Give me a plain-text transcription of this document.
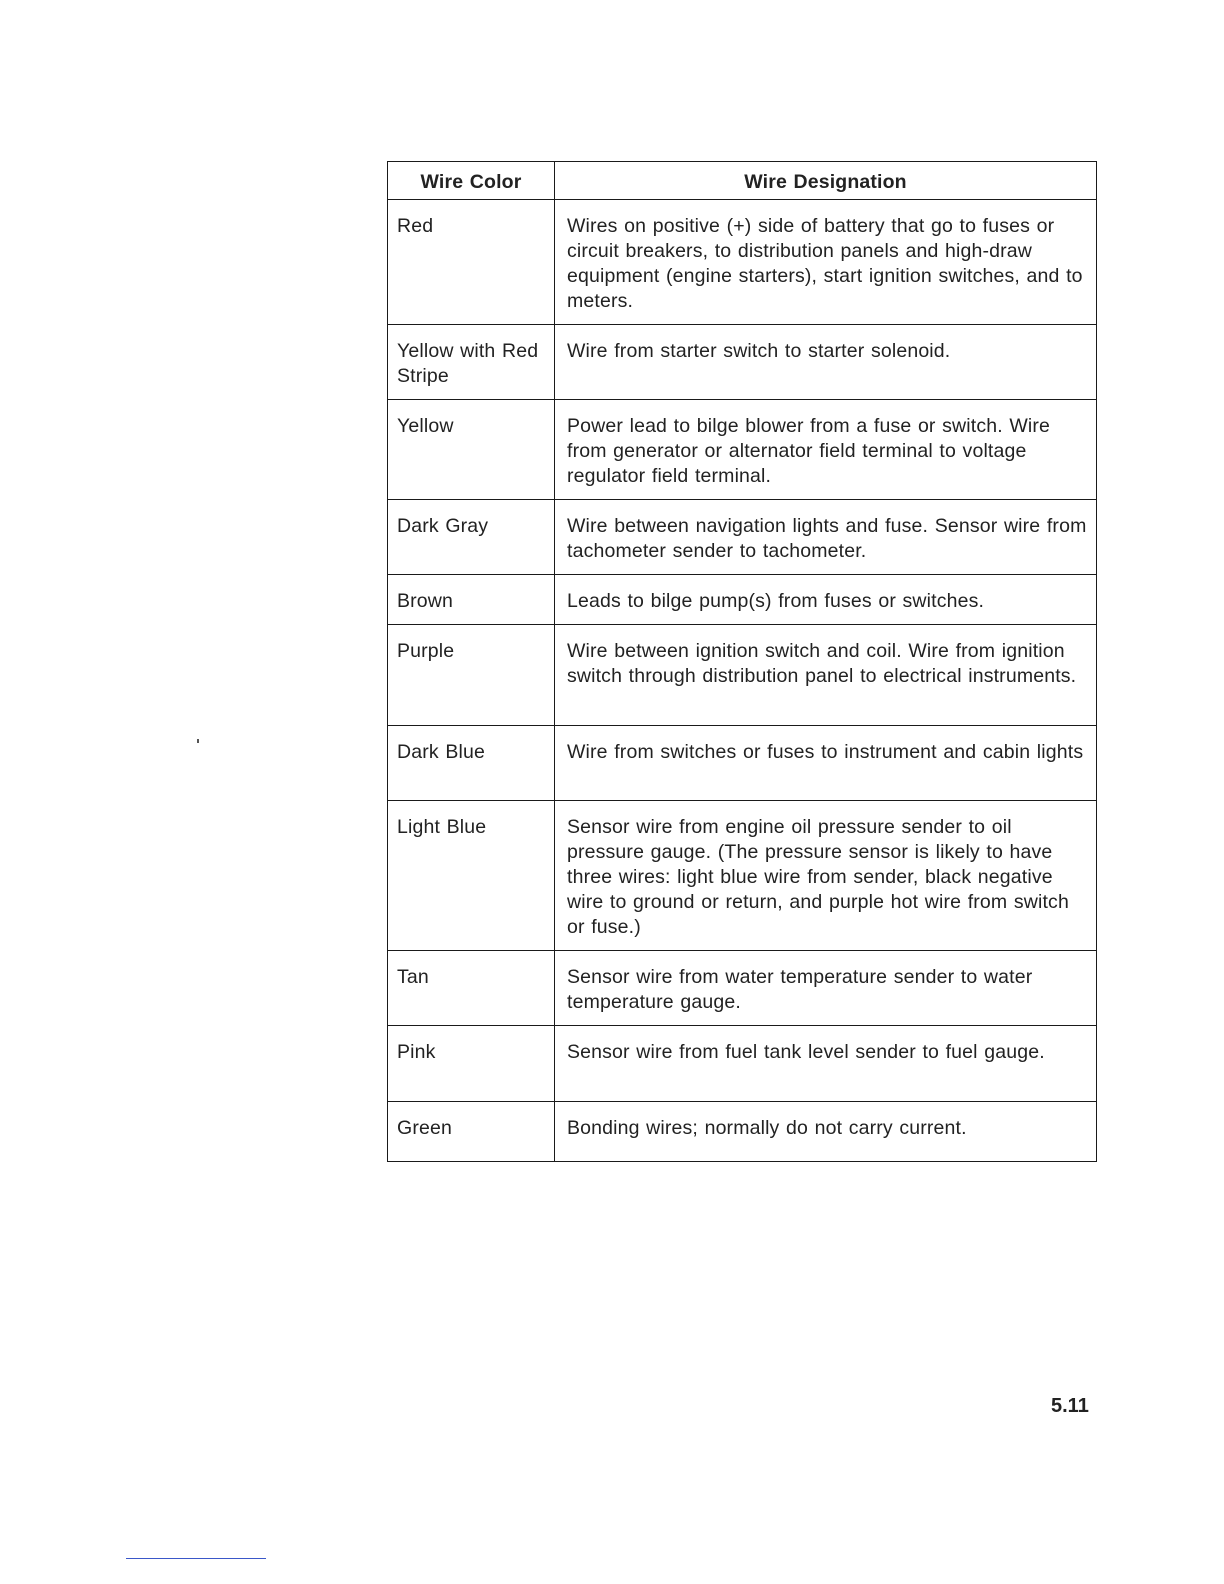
Wire Color	Wire Designation
Red	Wires on positive (+) side of battery that go to fuses or circuit breakers, to distribution panels and high-draw equipment (engine starters), start ignition switches, and to meters.
Yellow with Red Stripe	Wire from starter switch to starter solenoid.
Yellow	Power lead to bilge blower from a fuse or switch. Wire from generator or alternator field terminal to voltage regulator field terminal.
Dark Gray	Wire between navigation lights and fuse. Sensor wire from tachometer sender to tachometer.
Brown	Leads to bilge pump(s) from fuses or switches.
Purple	Wire between ignition switch and coil. Wire from ignition switch through distribution panel to electrical instruments.
Dark Blue	Wire from switches or fuses to instrument and cabin lights
Light Blue	Sensor wire from engine oil pressure sender to oil pressure gauge. (The pressure sensor is likely to have three wires: light blue wire from sender, black negative wire to ground or return, and purple hot wire from switch or fuse.)
Tan	Sensor wire from water temperature sender to water temperature gauge.
Pink	Sensor wire from fuel tank level sender to fuel gauge.
Green	Bonding wires; normally do not carry current.
5.11
